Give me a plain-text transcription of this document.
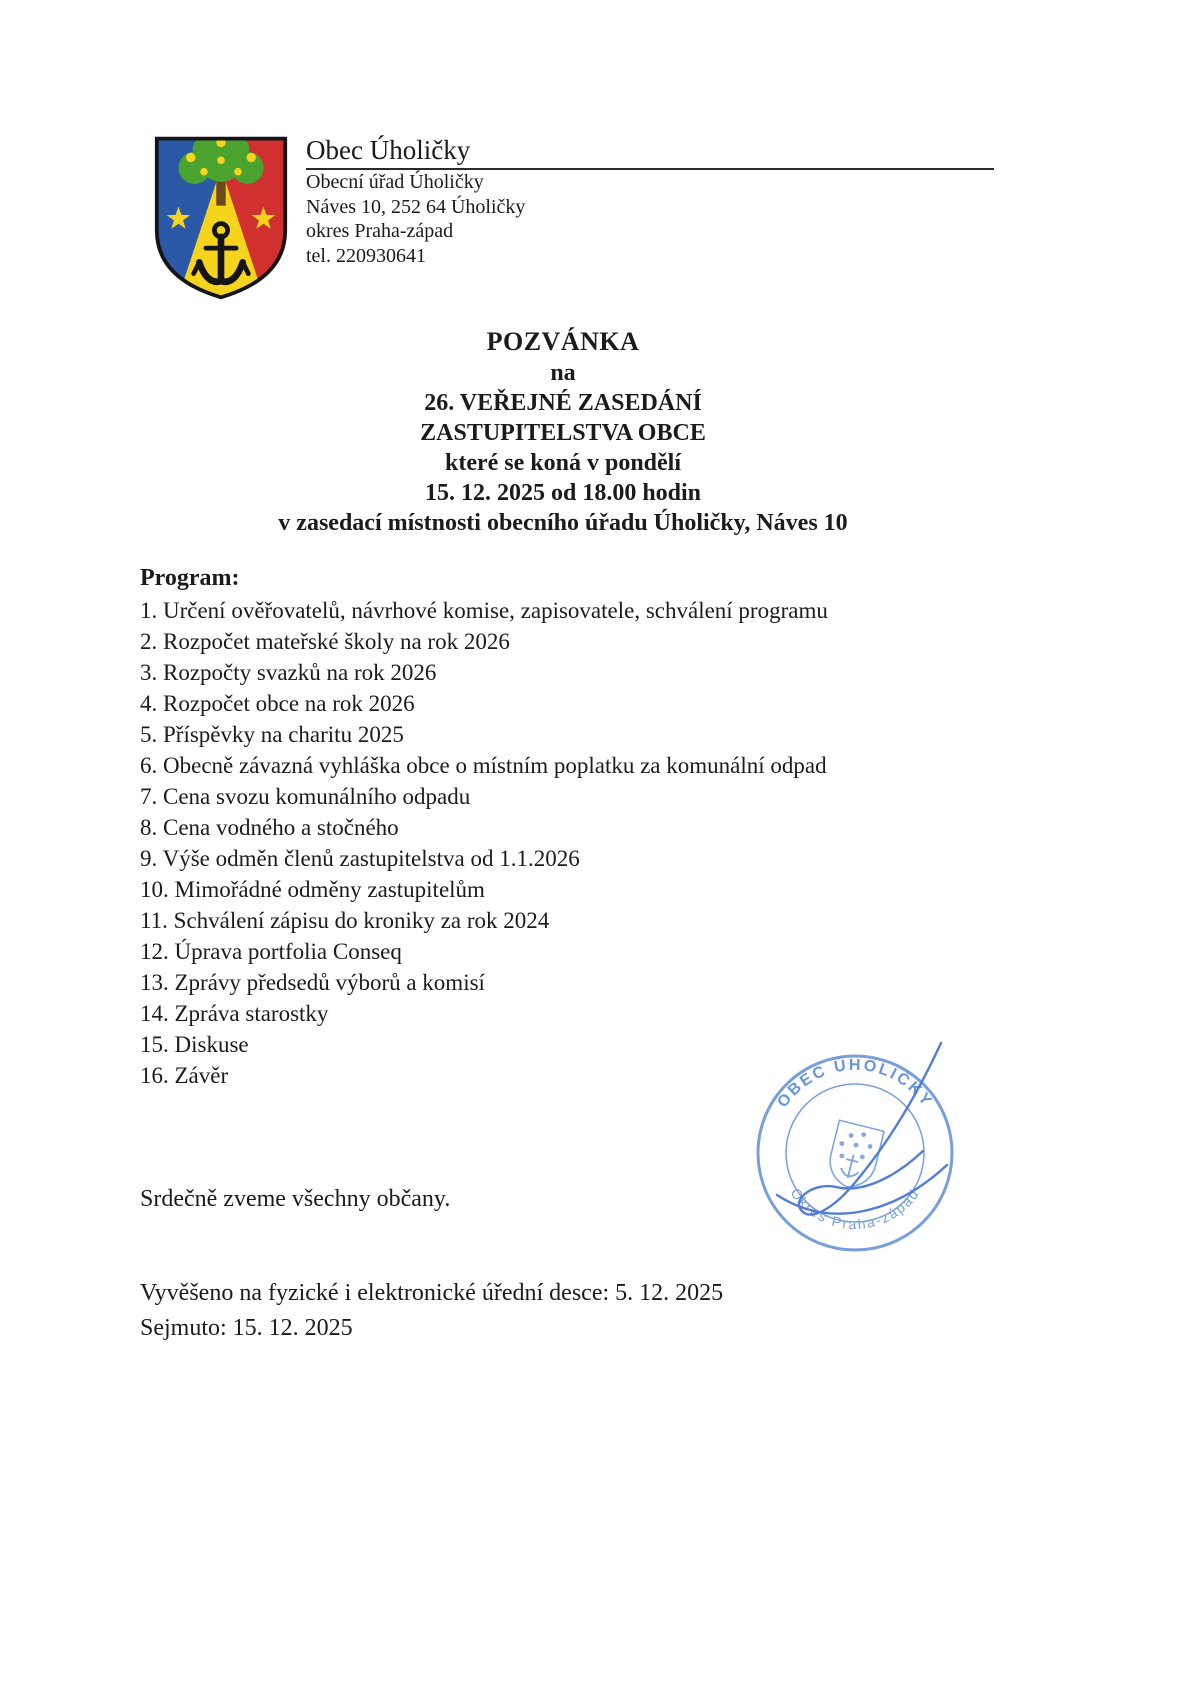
Obec Úholičky
Obecní úřad Úholičky
Náves 10, 252 64 Úholičky
okres Praha-západ
tel. 220930641
POZVÁNKA
na
26. VEŘEJNÉ ZASEDÁNÍ
ZASTUPITELSTVA OBCE
které se koná v pondělí
15. 12. 2025 od 18.00 hodin
v zasedací místnosti obecního úřadu Úholičky, Náves 10
Program:
1. Určení ověřovatelů, návrhové komise, zapisovatele, schválení programu
2. Rozpočet mateřské školy na rok 2026
3. Rozpočty svazků na rok 2026
4. Rozpočet obce na rok 2026
5. Příspěvky na charitu 2025
6. Obecně závazná vyhláška obce o místním poplatku za komunální odpad
7. Cena svozu komunálního odpadu
8. Cena vodného a stočného
9. Výše odměn členů zastupitelstva od 1.1.2026
10. Mimořádné odměny zastupitelům
11. Schválení zápisu do kroniky za rok 2024
12. Úprava portfolia Conseq
13. Zprávy předsedů výborů a komisí
14. Zpráva starostky
15. Diskuse
16. Závěr
OBEC ÚHOLIČKY
Okres Praha-západ
Srdečně zveme všechny občany.
Vyvěšeno na fyzické i elektronické úřední desce: 5. 12. 2025
Sejmuto: 15. 12. 2025
